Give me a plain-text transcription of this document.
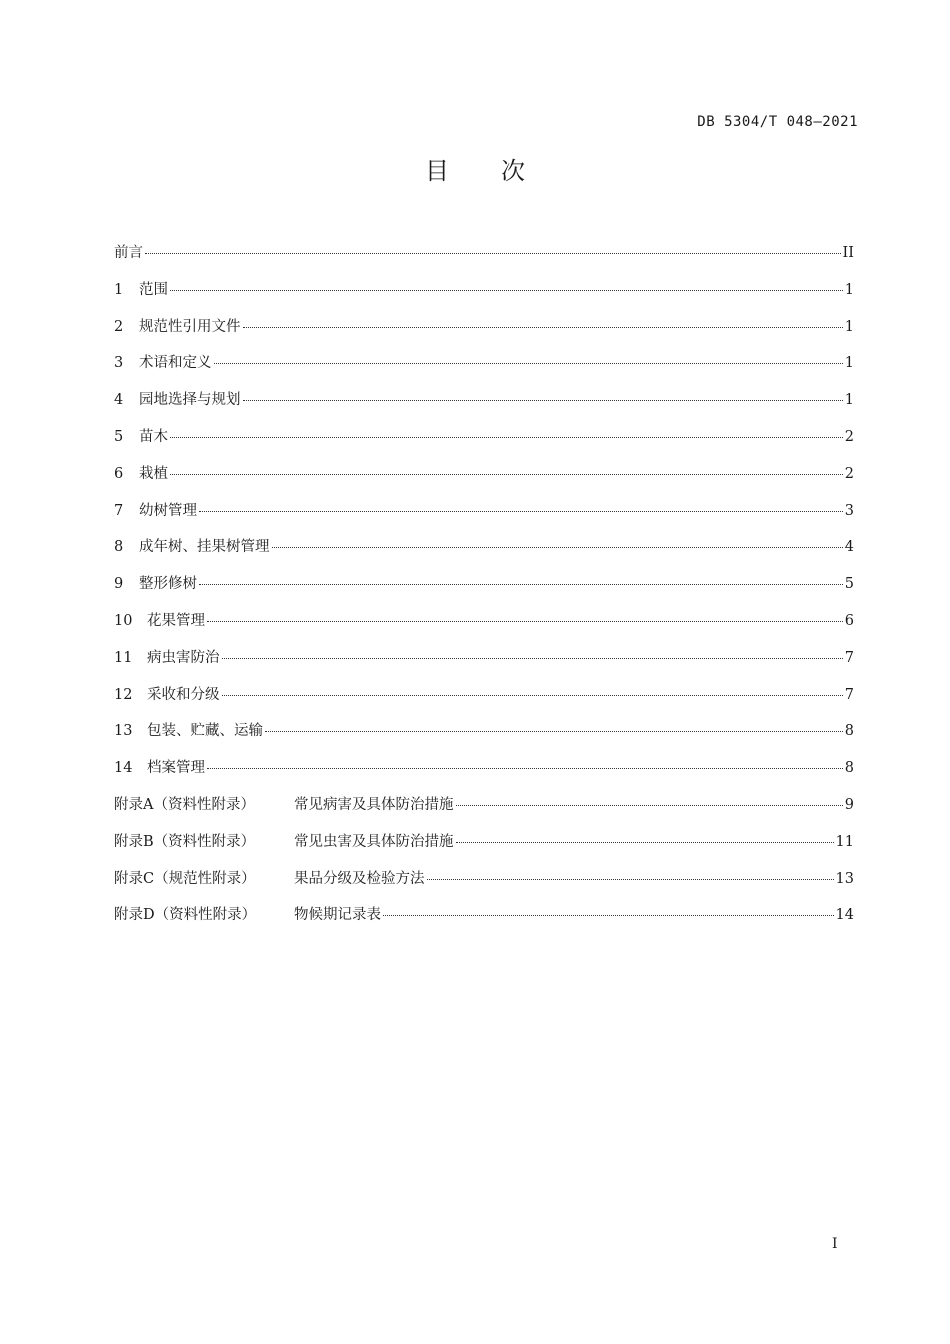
DB 5304/T 048—2021
目次
前言	II
1	范围	1
2	规范性引用文件	1
3	术语和定义	1
4	园地选择与规划	1
5	苗木	2
6	栽植	2
7	幼树管理	3
8	成年树、挂果树管理	4
9	整形修树	5
10	花果管理	6
11	病虫害防治	7
12	采收和分级	7
13	包装、贮藏、运输	8
14	档案管理	8
附录A（资料性附录）	常见病害及具体防治措施	9
附录B（资料性附录）	常见虫害及具体防治措施	11
附录C（规范性附录）	果品分级及检验方法	13
附录D（资料性附录）	物候期记录表	14
I
